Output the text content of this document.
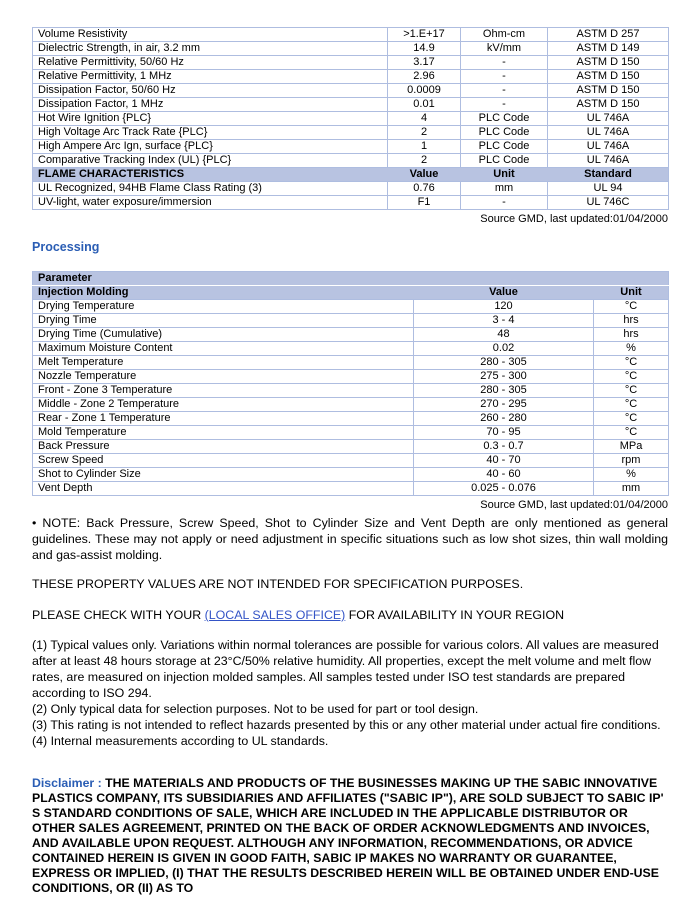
Volume Resistivity	>1.E+17	Ohm-cm	ASTM D 257
Dielectric Strength, in air, 3.2 mm	14.9	kV/mm	ASTM D 149
Relative Permittivity, 50/60 Hz	3.17	-	ASTM D 150
Relative Permittivity, 1 MHz	2.96	-	ASTM D 150
Dissipation Factor, 50/60 Hz	0.0009	-	ASTM D 150
Dissipation Factor, 1 MHz	0.01	-	ASTM D 150
Hot Wire Ignition {PLC}	4	PLC Code	UL 746A
High Voltage Arc Track Rate {PLC}	2	PLC Code	UL 746A
High Ampere Arc Ign, surface {PLC}	1	PLC Code	UL 746A
Comparative Tracking Index (UL) {PLC}	2	PLC Code	UL 746A
FLAME CHARACTERISTICS	Value	Unit	Standard
UL Recognized, 94HB Flame Class Rating (3)	0.76	mm	UL 94
UV-light, water exposure/immersion	F1	-	UL 746C
Source GMD, last updated:01/04/2000
Processing
Parameter		
Injection Molding	Value	Unit
Drying Temperature	120	°C
Drying Time	3 - 4	hrs
Drying Time (Cumulative)	48	hrs
Maximum Moisture Content	0.02	%
Melt Temperature	280 - 305	°C
Nozzle Temperature	275 - 300	°C
Front - Zone 3 Temperature	280 - 305	°C
Middle - Zone 2 Temperature	270 - 295	°C
Rear - Zone 1 Temperature	260 - 280	°C
Mold Temperature	70 - 95	°C
Back Pressure	0.3 - 0.7	MPa
Screw Speed	40 - 70	rpm
Shot to Cylinder Size	40 - 60	%
Vent Depth	0.025 - 0.076	mm
Source GMD, last updated:01/04/2000

• NOTE: Back Pressure, Screw Speed, Shot to Cylinder Size and Vent Depth are only mentioned as general guidelines. These may not apply or need adjustment in specific situations such as low shot sizes, thin wall molding and gas-assist molding.

THESE PROPERTY VALUES ARE NOT INTENDED FOR SPECIFICATION PURPOSES.

PLEASE CHECK WITH YOUR (LOCAL SALES OFFICE) FOR AVAILABILITY IN YOUR REGION

(1) Typical values only. Variations within normal tolerances are possible for various colors. All values are measured after at least 48 hours storage at 23°C/50% relative humidity. All properties, except the melt volume and melt flow rates, are measured on injection molded samples. All samples tested under ISO test standards are prepared according to ISO 294.

(2) Only typical data for selection purposes. Not to be used for part or tool design.

(3) This rating is not intended to reflect hazards presented by this or any other material under actual fire conditions.

(4) Internal measurements according to UL standards.

Disclaimer : THE MATERIALS AND PRODUCTS OF THE BUSINESSES MAKING UP THE SABIC INNOVATIVE PLASTICS COMPANY, ITS SUBSIDIARIES AND AFFILIATES ("SABIC IP"), ARE SOLD SUBJECT TO SABIC IP' S STANDARD CONDITIONS OF SALE, WHICH ARE INCLUDED IN THE APPLICABLE DISTRIBUTOR OR OTHER SALES AGREEMENT, PRINTED ON THE BACK OF ORDER ACKNOWLEDGMENTS AND INVOICES, AND AVAILABLE UPON REQUEST. ALTHOUGH ANY INFORMATION, RECOMMENDATIONS, OR ADVICE CONTAINED HEREIN IS GIVEN IN GOOD FAITH, SABIC IP MAKES NO WARRANTY OR GUARANTEE, EXPRESS OR IMPLIED, (I) THAT THE RESULTS DESCRIBED HEREIN WILL BE OBTAINED UNDER END-USE CONDITIONS, OR (II) AS TO
